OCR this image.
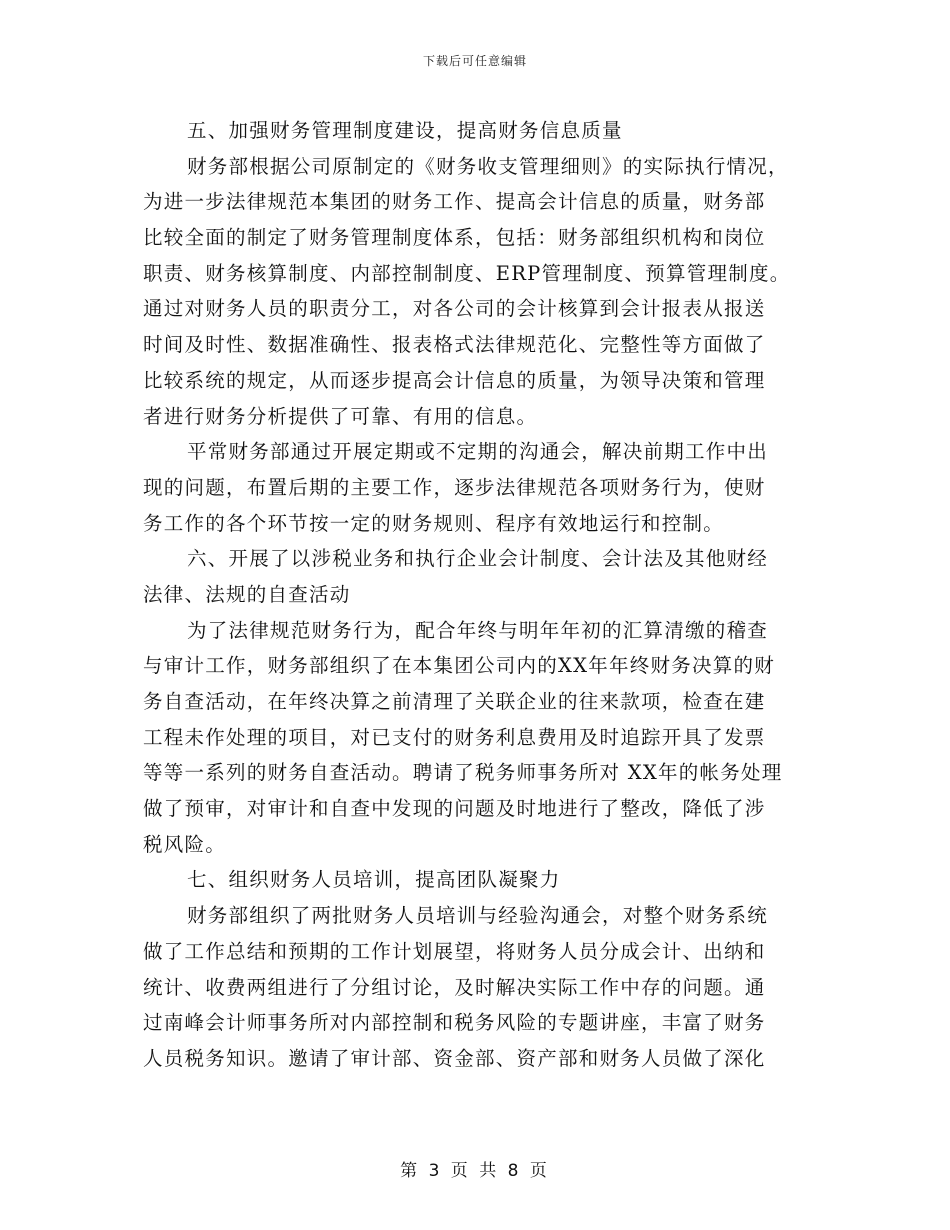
下载后可任意编辑
五、加强财务管理制度建设，提高财务信息质量
财务部根据公司原制定的《财务收支管理细则》的实际执行情况，
为进一步法律规范本集团的财务工作、提高会计信息的质量，财务部
比较全面的制定了财务管理制度体系，包括：财务部组织机构和岗位
职责、财务核算制度、内部控制制度、ERP管理制度、预算管理制度。
通过对财务人员的职责分工，对各公司的会计核算到会计报表从报送
时间及时性、数据准确性、报表格式法律规范化、完整性等方面做了
比较系统的规定，从而逐步提高会计信息的质量，为领导决策和管理
者进行财务分析提供了可靠、有用的信息。
平常财务部通过开展定期或不定期的沟通会，解决前期工作中出
现的问题，布置后期的主要工作，逐步法律规范各项财务行为，使财
务工作的各个环节按一定的财务规则、程序有效地运行和控制。
六、开展了以涉税业务和执行企业会计制度、会计法及其他财经
法律、法规的自查活动
为了法律规范财务行为，配合年终与明年年初的汇算清缴的稽查
与审计工作，财务部组织了在本集团公司内的XX年年终财务决算的财
务自查活动，在年终决算之前清理了关联企业的往来款项，检查在建
工程未作处理的项目，对已支付的财务利息费用及时追踪开具了发票
等等一系列的财务自查活动。聘请了税务师事务所对 XX年的帐务处理
做了预审，对审计和自查中发现的问题及时地进行了整改，降低了涉
税风险。
七、组织财务人员培训，提高团队凝聚力
财务部组织了两批财务人员培训与经验沟通会，对整个财务系统
做了工作总结和预期的工作计划展望，将财务人员分成会计、出纳和
统计、收费两组进行了分组讨论，及时解决实际工作中存的问题。通
过南峰会计师事务所对内部控制和税务风险的专题讲座，丰富了财务
人员税务知识。邀请了审计部、资金部、资产部和财务人员做了深化
第 3 页 共 8 页
